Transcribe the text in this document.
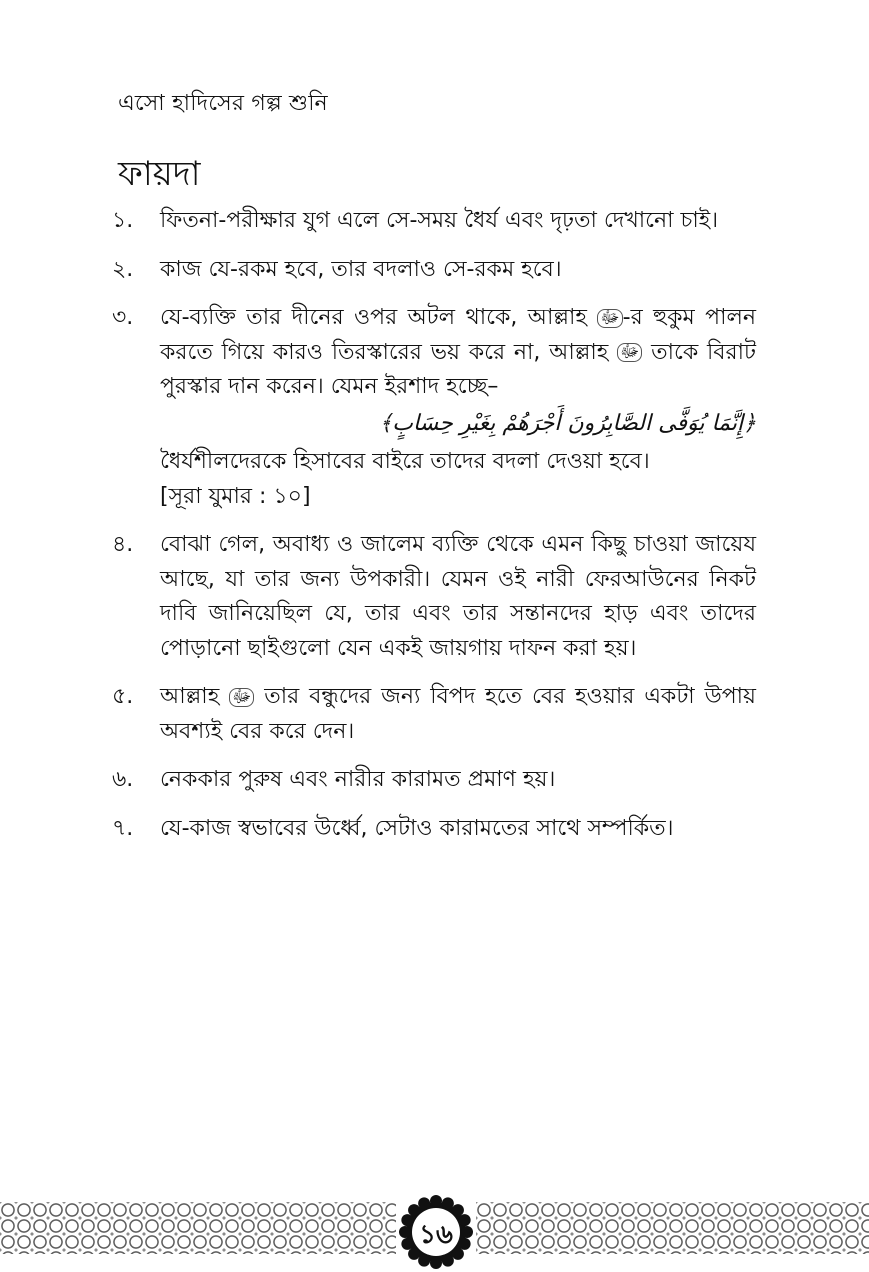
এসো হাদিসের গল্প শুনি
ফায়দা
১.	ফিতনা-পরীক্ষার যুগ এলে সে-সময় ধৈর্য এবং দৃঢ়তা দেখানো চাই।
২.	কাজ যে-রকম হবে, তার বদলাও সে-রকম হবে।
৩.	যে-ব্যক্তি তার দীনের ওপর অটল থাকে, আল্লাহ ﷻ -র হুকুম পালন করতে গিয়ে কারও তিরস্কারের ভয় করে না, আল্লাহ ﷻ তাকে বিরাট পুরস্কার দান করেন। যেমন ইরশাদ হচ্ছে–

﴿إِنَّمَا يُوَفَّى الصَّابِرُونَ أَجْرَهُمْ بِغَيْرِ حِسَابٍ﴾

ধৈর্যশীলদেরকে হিসাবের বাইরে তাদের বদলা দেওয়া হবে।

[সূরা যুমার : ১০]

৪.	বোঝা গেল, অবাধ্য ও জালেম ব্যক্তি থেকে এমন কিছু চাওয়া জায়েয আছে, যা তার জন্য উপকারী। যেমন ওই নারী ফেরআউনের নিকট দাবি জানিয়েছিল যে, তার এবং তার সন্তানদের হাড় এবং তাদের পোড়ানো ছাইগুলো যেন একই জায়গায় দাফন করা হয়।
৫.	আল্লাহ ﷻ তার বন্ধুদের জন্য বিপদ হতে বের হওয়ার একটা উপায় অবশ্যই বের করে দেন।
৬.	নেককার পুরুষ এবং নারীর কারামত প্রমাণ হয়।
৭.	যে-কাজ স্বভাবের উর্ধ্বে, সেটাও কারামতের সাথে সম্পর্কিত।
১৬
